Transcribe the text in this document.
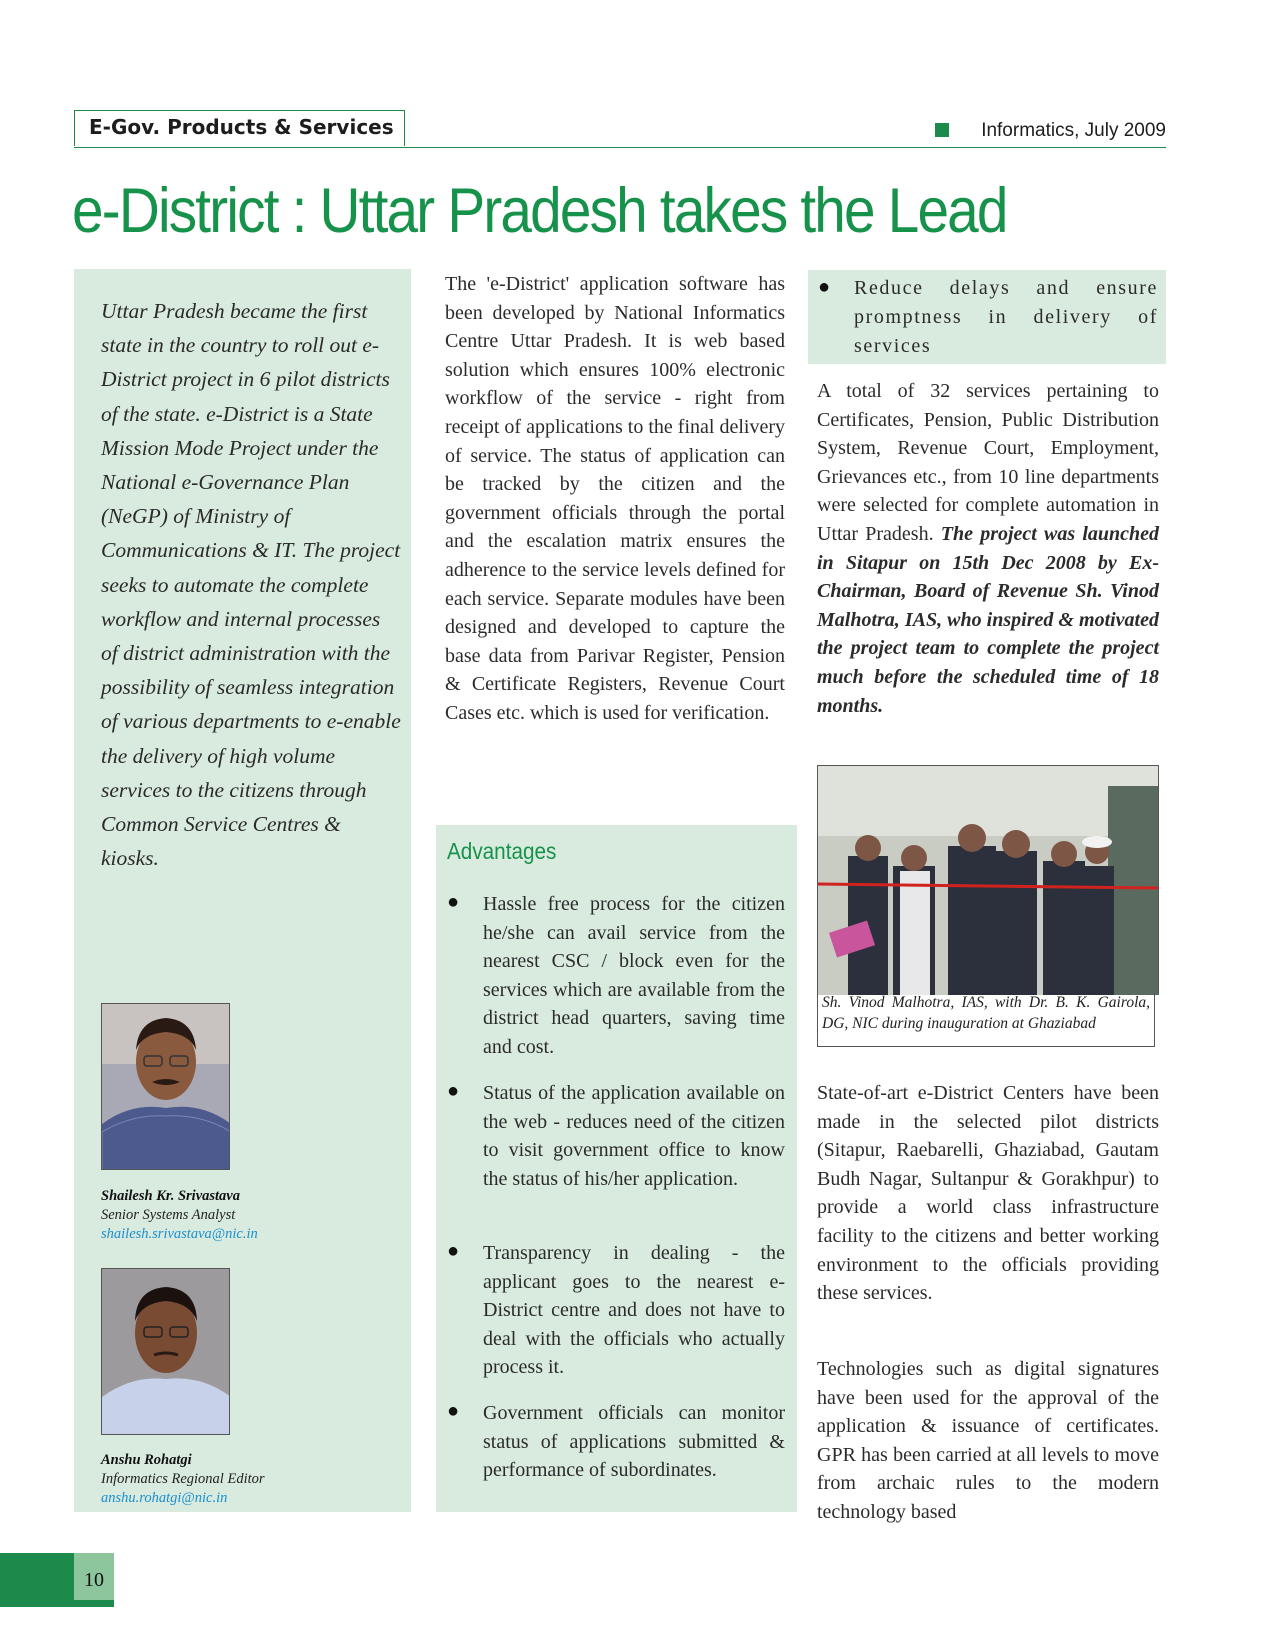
E-Gov. Products & Services	Informatics, July 2009
e-District : Uttar Pradesh takes the Lead
Uttar Pradesh became the first state in the country to roll out e-District project in 6 pilot districts of the state. e-District is a State Mission Mode Project under the National e-Governance Plan (NeGP) of Ministry of Communications & IT. The project seeks to automate the complete workflow and internal processes of district administration with the possibility of seamless integration of various departments to e-enable the delivery of high volume services to the citizens through Common Service Centres & kiosks.
Shailesh Kr. Srivastava
Senior Systems Analyst
shailesh.srivastava@nic.in
Anshu Rohatgi
Informatics Regional Editor
anshu.rohatgi@nic.in
The 'e-District' application software has been developed by National Informatics Centre Uttar Pradesh. It is web based solution which ensures 100% electronic workflow of the service - right from receipt of applications to the final delivery of service. The status of application can be tracked by the citizen and the government officials through the portal and the escalation matrix ensures the adherence to the service levels defined for each service. Separate modules have been designed and developed to capture the base data from Parivar Register, Pension & Certificate Registers, Revenue Court Cases etc. which is used for verification.
Advantages
● Hassle free process for the citizen he/she can avail service from the nearest CSC / block even for the services which are available from the district head quarters, saving time and cost.
● Status of the application available on the web - reduces need of the citizen to visit government office to know the status of his/her application.
● Transparency in dealing - the applicant goes to the nearest e-District centre and does not have to deal with the officials who actually process it.
● Government officials can monitor status of applications submitted & performance of subordinates.
● Reduce delays and ensure promptness in delivery of services
A total of 32 services pertaining to Certificates, Pension, Public Distribution System, Revenue Court, Employment, Grievances etc., from 10 line departments were selected for complete automation in Uttar Pradesh. The project was launched in Sitapur on 15th Dec 2008 by Ex-Chairman, Board of Revenue Sh. Vinod Malhotra, IAS, who inspired & motivated the project team to complete the project much before the scheduled time of 18 months.
Sh. Vinod Malhotra, IAS, with Dr. B. K. Gairola, DG, NIC during inauguration at Ghaziabad
State-of-art e-District Centers have been made in the selected pilot districts (Sitapur, Raebarelli, Ghaziabad, Gautam Budh Nagar, Sultanpur & Gorakhpur) to provide a world class infrastructure facility to the citizens and better working environment to the officials providing these services.
Technologies such as digital signatures have been used for the approval of the application & issuance of certificates. GPR has been carried at all levels to move from archaic rules to the modern technology based
10
